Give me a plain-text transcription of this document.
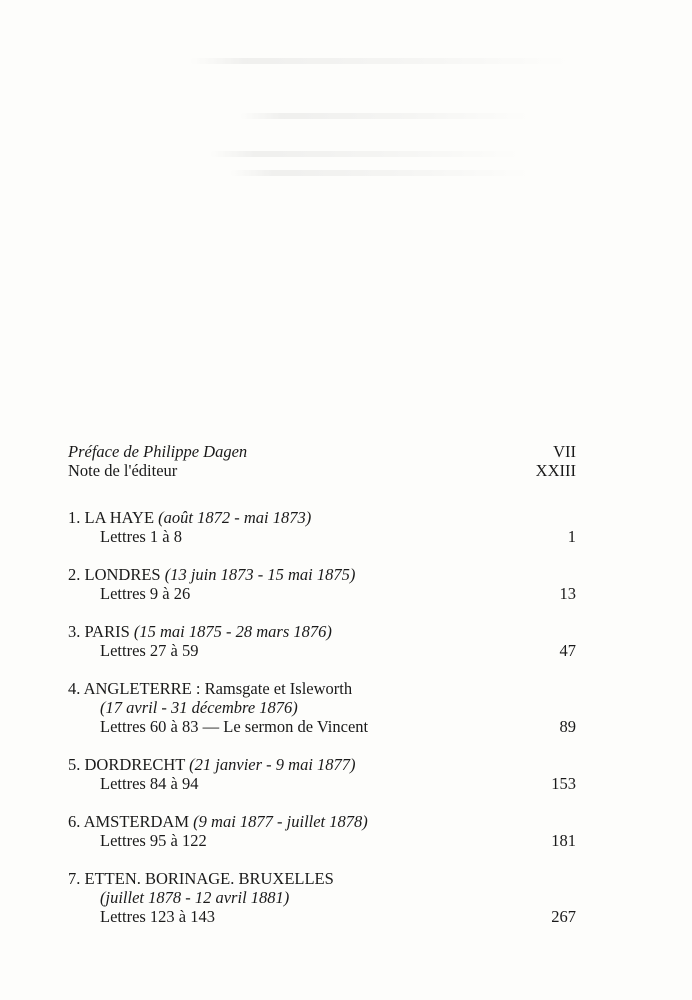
Préface de Philippe Dagen	VII
Note de l'éditeur	XXIII
1. LA HAYE (août 1872 - mai 1873)
Lettres 1 à 8	1
2. LONDRES (13 juin 1873 - 15 mai 1875)
Lettres 9 à 26	13
3. PARIS (15 mai 1875 - 28 mars 1876)
Lettres 27 à 59	47
4. ANGLETERRE : Ramsgate et Isleworth
(17 avril - 31 décembre 1876)
Lettres 60 à 83 — Le sermon de Vincent	89
5. DORDRECHT (21 janvier - 9 mai 1877)
Lettres 84 à 94	153
6. AMSTERDAM (9 mai 1877 - juillet 1878)
Lettres 95 à 122	181
7. ETTEN. BORINAGE. BRUXELLES
(juillet 1878 - 12 avril 1881)
Lettres 123 à 143	267
